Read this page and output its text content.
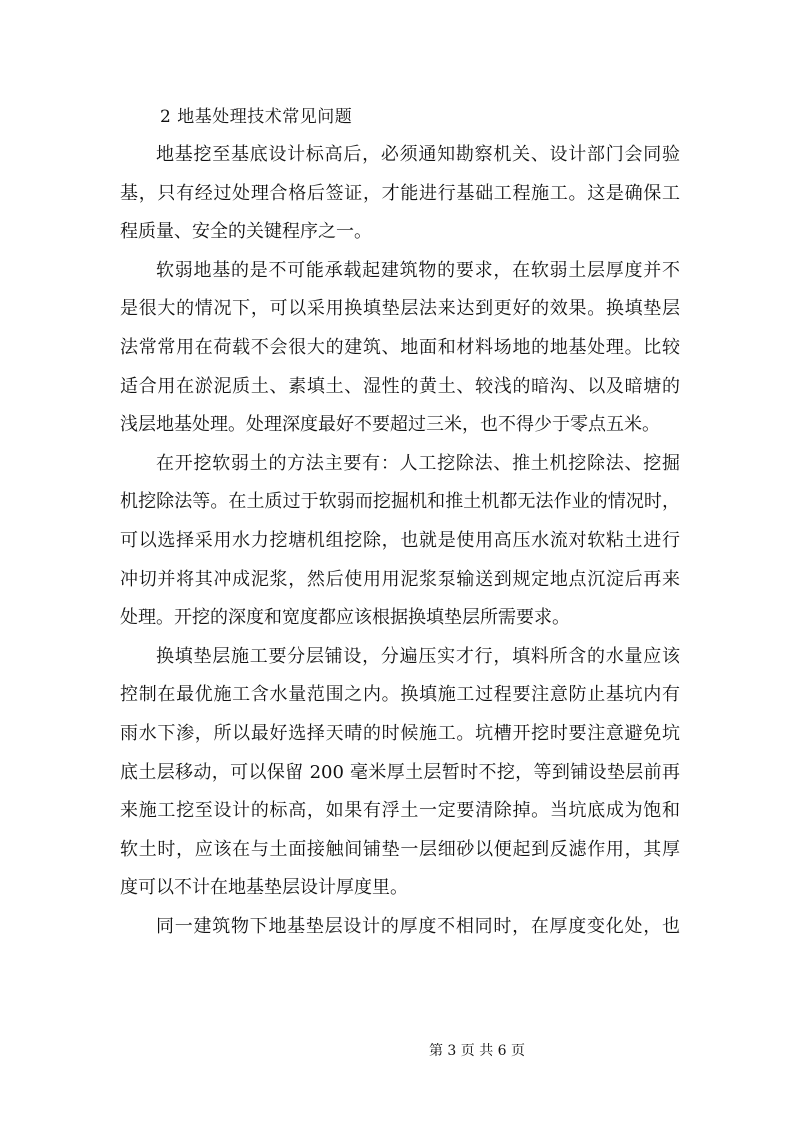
2 地基处理技术常见问题
地基挖至基底设计标高后，必须通知勘察机关、设计部门会同验
基，只有经过处理合格后签证，才能进行基础工程施工。这是确保工
程质量、安全的关键程序之一。
软弱地基的是不可能承载起建筑物的要求，在软弱土层厚度并不
是很大的情况下，可以采用换填垫层法来达到更好的效果。换填垫层
法常常用在荷载不会很大的建筑、地面和材料场地的地基处理。比较
适合用在淤泥质土、素填土、湿性的黄土、较浅的暗沟、以及暗塘的
浅层地基处理。处理深度最好不要超过三米，也不得少于零点五米。
在开挖软弱土的方法主要有：人工挖除法、推土机挖除法、挖掘
机挖除法等。在土质过于软弱而挖掘机和推土机都无法作业的情况时，
可以选择采用水力挖塘机组挖除，也就是使用高压水流对软粘土进行
冲切并将其冲成泥浆，然后使用用泥浆泵输送到规定地点沉淀后再来
处理。开挖的深度和宽度都应该根据换填垫层所需要求。
换填垫层施工要分层铺设，分遍压实才行，填料所含的水量应该
控制在最优施工含水量范围之内。换填施工过程要注意防止基坑内有
雨水下渗，所以最好选择天晴的时候施工。坑槽开挖时要注意避免坑
底土层移动，可以保留 200 毫米厚土层暂时不挖，等到铺设垫层前再
来施工挖至设计的标高，如果有浮土一定要清除掉。当坑底成为饱和
软土时，应该在与土面接触间铺垫一层细砂以便起到反滤作用，其厚
度可以不计在地基垫层设计厚度里。
同一建筑物下地基垫层设计的厚度不相同时，在厚度变化处，也
第 3 页 共 6 页
